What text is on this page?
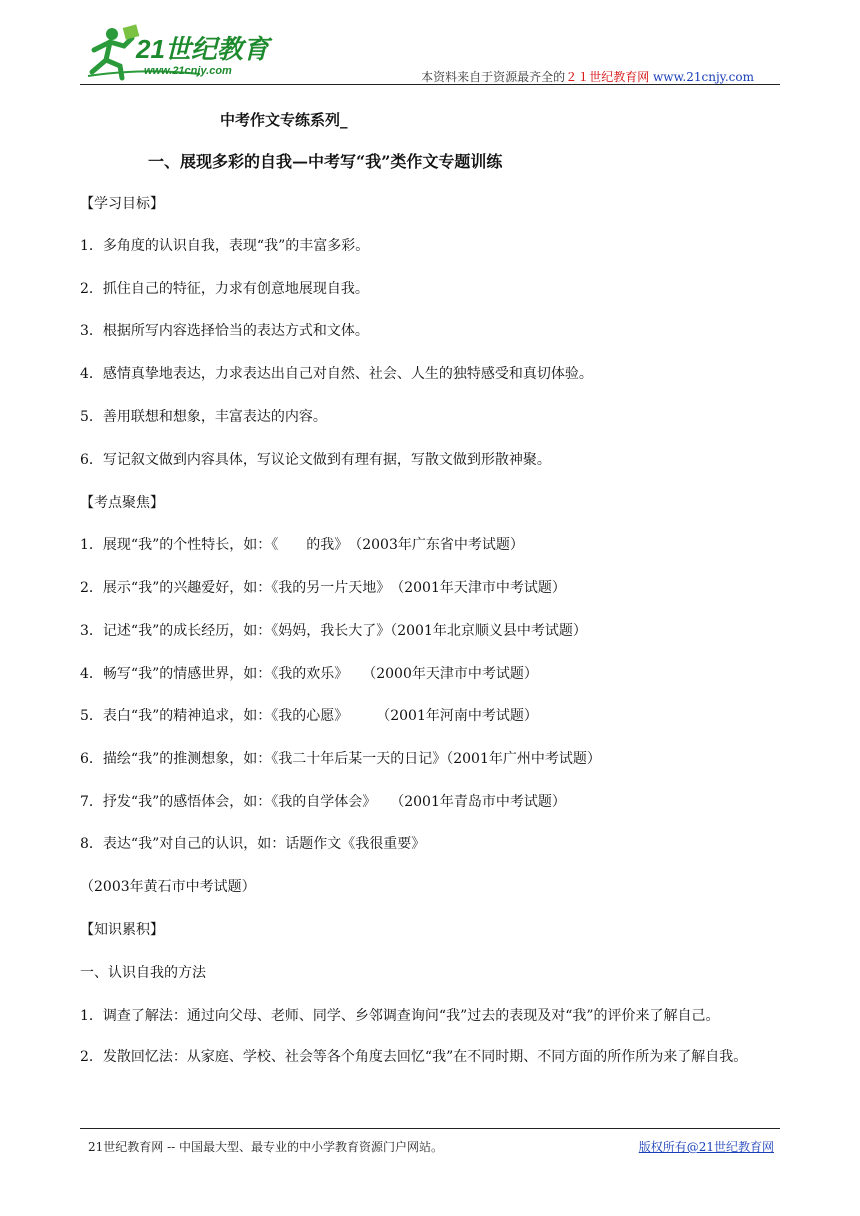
21世纪教育
www.21cnjy.com	本资料来自于资源最齐全的２１世纪教育网 www.21cnjy.com
中考作文专练系列_
一、展现多彩的自我—中考写“我”类作文专题训练
【学习目标】
1．多角度的认识自我，表现“我”的丰富多彩。
2．抓住自己的特征，力求有创意地展现自我。
3．根据所写内容选择恰当的表达方式和文体。
4．感情真挚地表达，力求表达出自己对自然、社会、人生的独特感受和真切体验。
5．善用联想和想象，丰富表达的内容。
6．写记叙文做到内容具体，写议论文做到有理有据，写散文做到形散神聚。
【考点聚焦】
1．展现“我”的个性特长，如：《　　的我》　（2003年广东省中考试题）
2．展示“我”的兴趣爱好，如：《我的另一片天地》　（2001年天津市中考试题）
3．记述“我”的成长经历，如：《妈妈，我长大了》（2001年北京顺义县中考试题）
4．畅写“我”的情感世界，如：《我的欢乐》　　（2000年天津市中考试题）
5．表白“我”的精神追求，如：《我的心愿》　　　（2001年河南中考试题）
6．描绘“我”的推测想象，如：《我二十年后某一天的日记》（2001年广州中考试题）
7．抒发“我”的感悟体会，如：《我的自学体会》　　（2001年青岛市中考试题）
8．表达“我”对自己的认识，如：话题作文《我很重要》
（2003年黄石市中考试题）
【知识累积】
一、认识自我的方法
1．调查了解法：通过向父母、老师、同学、乡邻调查询问“我”过去的表现及对“我”的评价来了解自己。
2．发散回忆法：从家庭、学校、社会等各个角度去回忆“我”在不同时期、不同方面的所作所为来了解自我。
21世纪教育网 -- 中国最大型、最专业的中小学教育资源门户网站。	版权所有@21世纪教育网
